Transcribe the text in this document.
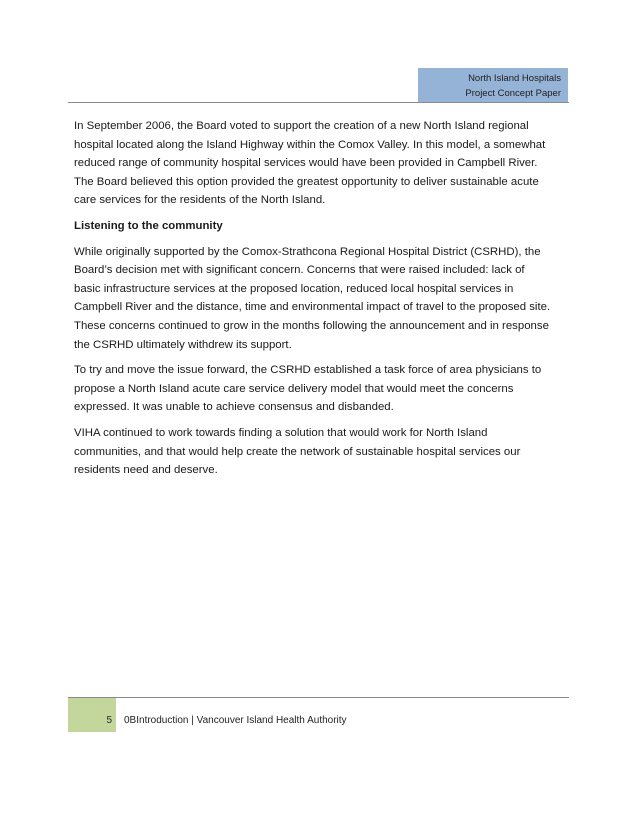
North Island Hospitals
Project Concept Paper

In September 2006, the Board voted to support the creation of a new North Island regional hospital located along the Island Highway within the Comox Valley. In this model, a somewhat reduced range of community hospital services would have been provided in Campbell River. The Board believed this option provided the greatest opportunity to deliver sustainable acute care services for the residents of the North Island.

Listening to the community

While originally supported by the Comox-Strathcona Regional Hospital District (CSRHD), the Board’s decision met with significant concern. Concerns that were raised included: lack of basic infrastructure services at the proposed location, reduced local hospital services in Campbell River and the distance, time and environmental impact of travel to the proposed site. These concerns continued to grow in the months following the announcement and in response the CSRHD ultimately withdrew its support.

To try and move the issue forward, the CSRHD established a task force of area physicians to propose a North Island acute care service delivery model that would meet the concerns expressed. It was unable to achieve consensus and disbanded.

VIHA continued to work towards finding a solution that would work for North Island communities, and that would help create the network of sustainable hospital services our residents need and deserve.

5 0BIntroduction | Vancouver Island Health Authority
